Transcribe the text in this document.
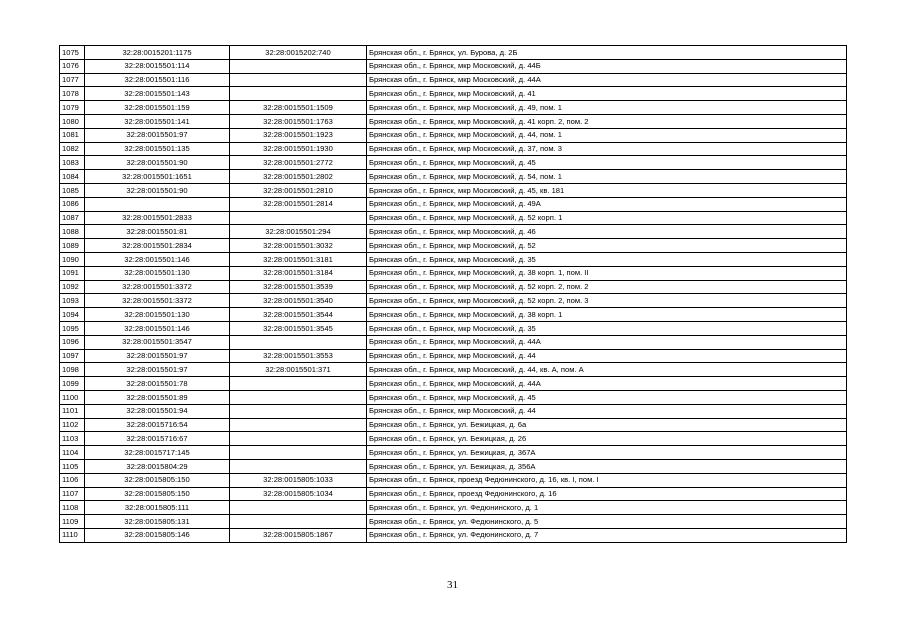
1075	32:28:0015201:1175	32:28:0015202:740	Брянская обл., г. Брянск, ул. Бурова, д. 2Б
1076	32:28:0015501:114		Брянская обл., г. Брянск, мкр Московский, д. 44Б
1077	32:28:0015501:116		Брянская обл., г. Брянск, мкр Московский, д. 44А
1078	32:28:0015501:143		Брянская обл., г. Брянск, мкр Московский, д. 41
1079	32:28:0015501:159	32:28:0015501:1509	Брянская обл., г. Брянск, мкр Московский, д. 49, пом. 1
1080	32:28:0015501:141	32:28:0015501:1763	Брянская обл., г. Брянск, мкр Московский, д. 41 корп. 2, пом. 2
1081	32:28:0015501:97	32:28:0015501:1923	Брянская обл., г. Брянск, мкр Московский, д. 44, пом. 1
1082	32:28:0015501:135	32:28:0015501:1930	Брянская обл., г. Брянск, мкр Московский, д. 37, пом. 3
1083	32:28:0015501:90	32:28:0015501:2772	Брянская обл., г. Брянск, мкр Московский, д. 45
1084	32:28:0015501:1651	32:28:0015501:2802	Брянская обл., г. Брянск, мкр Московский, д. 54, пом. 1
1085	32:28:0015501:90	32:28:0015501:2810	Брянская обл., г. Брянск, мкр Московский, д. 45, кв. 181
1086		32:28:0015501:2814	Брянская обл., г. Брянск, мкр Московский, д. 49А
1087	32:28:0015501:2833		Брянская обл., г. Брянск, мкр Московский, д. 52 корп. 1
1088	32:28:0015501:81	32:28:0015501:294	Брянская обл., г. Брянск, мкр Московский, д. 46
1089	32:28:0015501:2834	32:28:0015501:3032	Брянская обл., г. Брянск, мкр Московский, д. 52
1090	32:28:0015501:146	32:28:0015501:3181	Брянская обл., г. Брянск, мкр Московский, д. 35
1091	32:28:0015501:130	32:28:0015501:3184	Брянская обл., г. Брянск, мкр Московский, д. 38 корп. 1, пом. II
1092	32:28:0015501:3372	32:28:0015501:3539	Брянская обл., г. Брянск, мкр Московский, д. 52 корп. 2, пом. 2
1093	32:28:0015501:3372	32:28:0015501:3540	Брянская обл., г. Брянск, мкр Московский, д. 52 корп. 2, пом. 3
1094	32:28:0015501:130	32:28:0015501:3544	Брянская обл., г. Брянск, мкр Московский, д. 38 корп. 1
1095	32:28:0015501:146	32:28:0015501:3545	Брянская обл., г. Брянск, мкр Московский, д. 35
1096	32:28:0015501:3547		Брянская обл., г. Брянск, мкр Московский, д. 44А
1097	32:28:0015501:97	32:28:0015501:3553	Брянская обл., г. Брянск, мкр Московский, д. 44
1098	32:28:0015501:97	32:28:0015501:371	Брянская обл., г. Брянск, мкр Московский, д. 44, кв. А, пом. А
1099	32:28:0015501:78		Брянская обл., г. Брянск, мкр Московский, д. 44А
1100	32:28:0015501:89		Брянская обл., г. Брянск, мкр Московский, д. 45
1101	32:28:0015501:94		Брянская обл., г. Брянск, мкр Московский, д. 44
1102	32:28:0015716:54		Брянская обл., г. Брянск, ул. Бежицкая, д. 6а
1103	32:28:0015716:67		Брянская обл., г. Брянск, ул. Бежицкая, д. 26
1104	32:28:0015717:145		Брянская обл., г. Брянск, ул. Бежицкая, д. 367А
1105	32:28:0015804:29		Брянская обл., г. Брянск, ул. Бежицкая, д. 356А
1106	32:28:0015805:150	32:28:0015805:1033	Брянская обл., г. Брянск, проезд Федюнинского, д. 16, кв. I, пом. I
1107	32:28:0015805:150	32:28:0015805:1034	Брянская обл., г. Брянск, проезд Федюнинского, д. 16
1108	32:28:0015805:111		Брянская обл., г. Брянск, ул. Федюнинского, д. 1
1109	32:28:0015805:131		Брянская обл., г. Брянск, ул. Федюнинского, д. 5
1110	32:28:0015805:146	32:28:0015805:1867	Брянская обл., г. Брянск, ул. Федюнинского, д. 7
31
